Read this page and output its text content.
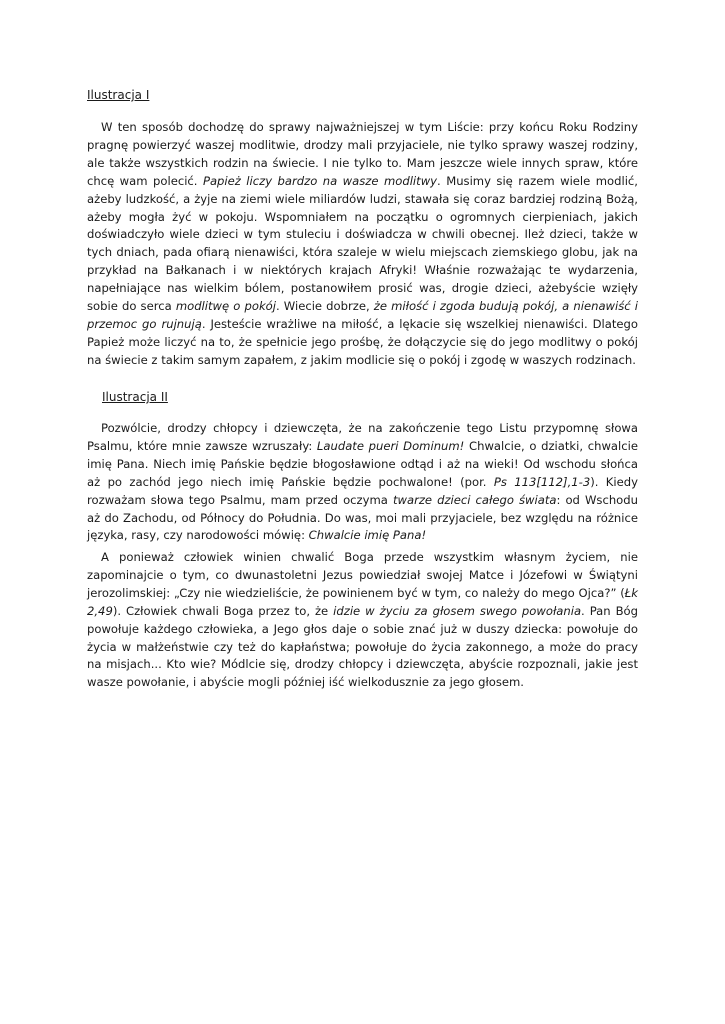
Ilustracja I

W ten sposób dochodzę do sprawy najważniejszej w tym Liście: przy końcu Roku Rodziny pragnę powierzyć waszej modlitwie, drodzy mali przyjaciele, nie tylko sprawy waszej rodziny, ale także wszystkich rodzin na świecie. I nie tylko to. Mam jeszcze wiele innych spraw, które chcę wam polecić. Papież liczy bardzo na wasze modlitwy. Musimy się razem wiele modlić, ażeby ludzkość, a żyje na ziemi wiele miliardów ludzi, stawała się coraz bardziej rodziną Bożą, ażeby mogła żyć w pokoju. Wspomniałem na początku o ogromnych cierpieniach, jakich doświadczyło wiele dzieci w tym stuleciu i doświadcza w chwili obecnej. Ileż dzieci, także w tych dniach, pada ofiarą nienawiści, która szaleje w wielu miejscach ziemskiego globu, jak na przykład na Bałkanach i w niektórych krajach Afryki! Właśnie rozważając te wydarzenia, napełniające nas wielkim bólem, postanowiłem prosić was, drogie dzieci, ażebyście wzięły sobie do serca modlitwę o pokój. Wiecie dobrze, że miłość i zgoda budują pokój, a nienawiść i przemoc go rujnują. Jesteście wrażliwe na miłość, a lękacie się wszelkiej nienawiści. Dlatego Papież może liczyć na to, że spełnicie jego prośbę, że dołączycie się do jego modlitwy o pokój na świecie z takim samym zapałem, z jakim modlicie się o pokój i zgodę w waszych rodzinach.

Ilustracja II

Pozwólcie, drodzy chłopcy i dziewczęta, że na zakończenie tego Listu przypomnę słowa Psalmu, które mnie zawsze wzruszały: Laudate pueri Dominum! Chwalcie, o dziatki, chwalcie imię Pana. Niech imię Pańskie będzie błogosławione odtąd i aż na wieki! Od wschodu słońca aż po zachód jego niech imię Pańskie będzie pochwalone! (por. Ps 113[112],1-3). Kiedy rozważam słowa tego Psalmu, mam przed oczyma twarze dzieci całego świata: od Wschodu aż do Zachodu, od Północy do Południa. Do was, moi mali przyjaciele, bez względu na różnice języka, rasy, czy narodowości mówię: Chwalcie imię Pana!

A ponieważ człowiek winien chwalić Boga przede wszystkim własnym życiem, nie zapominajcie o tym, co dwunastoletni Jezus powiedział swojej Matce i Józefowi w Świątyni jerozolimskiej: „Czy nie wiedzieliście, że powinienem być w tym, co należy do mego Ojca?” (Łk 2,49). Człowiek chwali Boga przez to, że idzie w życiu za głosem swego powołania. Pan Bóg powołuje każdego człowieka, a Jego głos daje o sobie znać już w duszy dziecka: powołuje do życia w małżeństwie czy też do kapłaństwa; powołuje do życia zakonnego, a może do pracy na misjach... Kto wie? Módlcie się, drodzy chłopcy i dziewczęta, abyście rozpoznali, jakie jest wasze powołanie, i abyście mogli później iść wielkodusznie za jego głosem.
